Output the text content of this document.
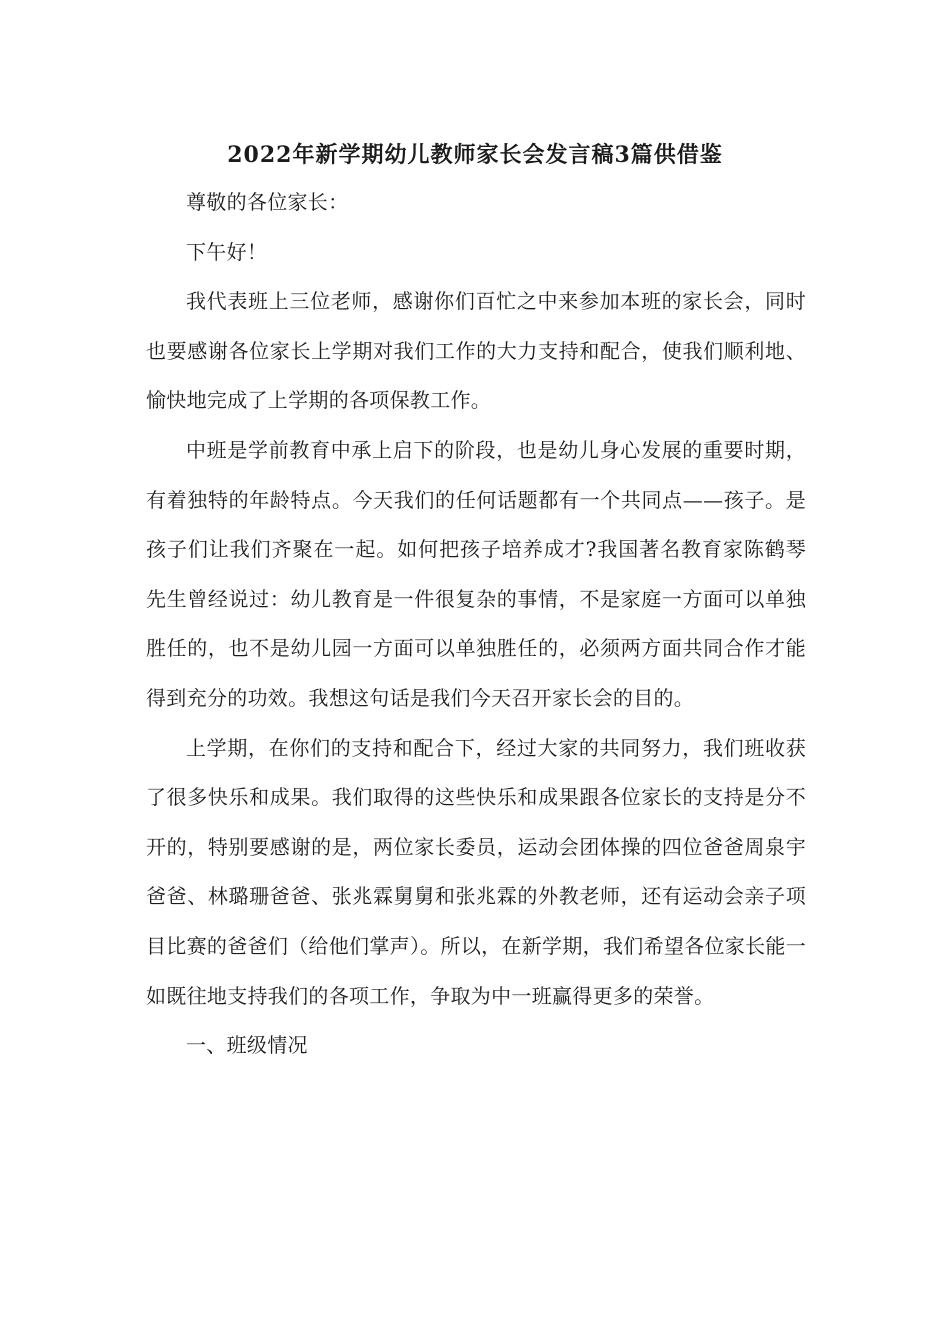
2022年新学期幼儿教师家长会发言稿3篇供借鉴

尊敬的各位家长：

下午好！

我代表班上三位老师，感谢你们百忙之中来参加本班的家长会，同时也要感谢各位家长上学期对我们工作的大力支持和配合，使我们顺利地、愉快地完成了上学期的各项保教工作。

中班是学前教育中承上启下的阶段，也是幼儿身心发展的重要时期，有着独特的年龄特点。今天我们的任何话题都有一个共同点——孩子。是孩子们让我们齐聚在一起。如何把孩子培养成才?我国著名教育家陈鹤琴先生曾经说过：幼儿教育是一件很复杂的事情，不是家庭一方面可以单独胜任的，也不是幼儿园一方面可以单独胜任的，必须两方面共同合作才能得到充分的功效。我想这句话是我们今天召开家长会的目的。

上学期，在你们的支持和配合下，经过大家的共同努力，我们班收获了很多快乐和成果。我们取得的这些快乐和成果跟各位家长的支持是分不开的，特别要感谢的是，两位家长委员，运动会团体操的四位爸爸周泉宇爸爸、林璐珊爸爸、张兆霖舅舅和张兆霖的外教老师，还有运动会亲子项目比赛的爸爸们（给他们掌声）。所以，在新学期，我们希望各位家长能一如既往地支持我们的各项工作，争取为中一班赢得更多的荣誉。

一、班级情况
